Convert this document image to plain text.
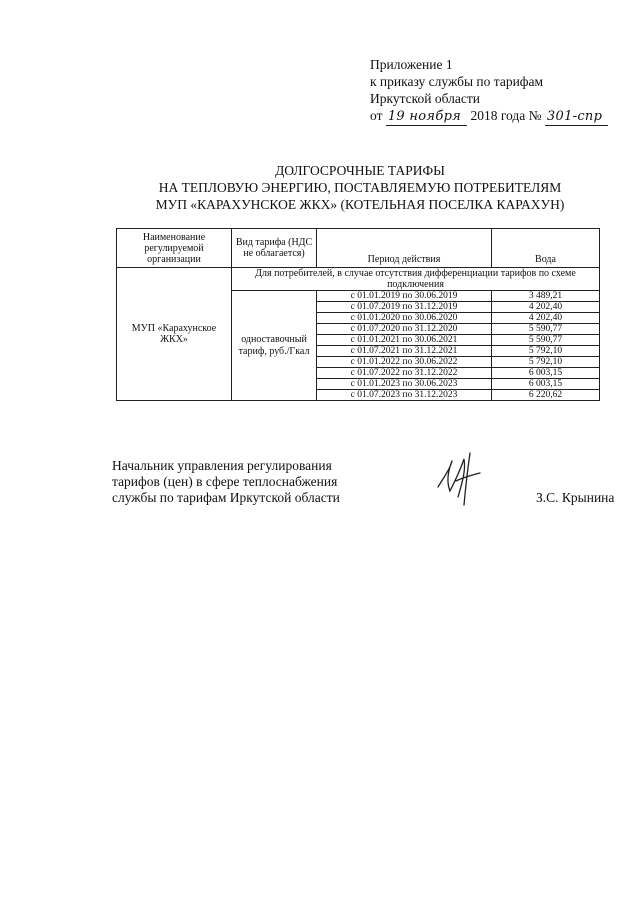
Приложение 1
к приказу службы по тарифам
Иркутской области
от 19 ноября 2018 года № 301-спр
ДОЛГОСРОЧНЫЕ ТАРИФЫ
НА ТЕПЛОВУЮ ЭНЕРГИЮ, ПОСТАВЛЯЕМУЮ ПОТРЕБИТЕЛЯМ
МУП «КАРАХУНСКОЕ ЖКХ» (КОТЕЛЬНАЯ ПОСЕЛКА КАРАХУН)
Наименование регулируемой организации	Вид тарифа (НДС не облагается)	Период действия	Вода
МУП «Карахунское ЖКХ»	Для потребителей, в случае отсутствия дифференциации тарифов по схеме подключения		
	одноставочный тариф, руб./Гкал	с 01.01.2019 по 30.06.2019	3 489,21
		с 01.07.2019 по 31.12.2019	4 202,40
		с 01.01.2020 по 30.06.2020	4 202,40
		с 01.07.2020 по 31.12.2020	5 590,77
		с 01.01.2021 по 30.06.2021	5 590,77
		с 01.07.2021 по 31.12.2021	5 792,10
		с 01.01.2022 по 30.06.2022	5 792,10
		с 01.07.2022 по 31.12.2022	6 003,15
		с 01.01.2023 по 30.06.2023	6 003,15
		с 01.07.2023 по 31.12.2023	6 220,62
Начальник управления регулирования
тарифов (цен) в сфере теплоснабжения
службы по тарифам Иркутской области	З.С. Крынина
